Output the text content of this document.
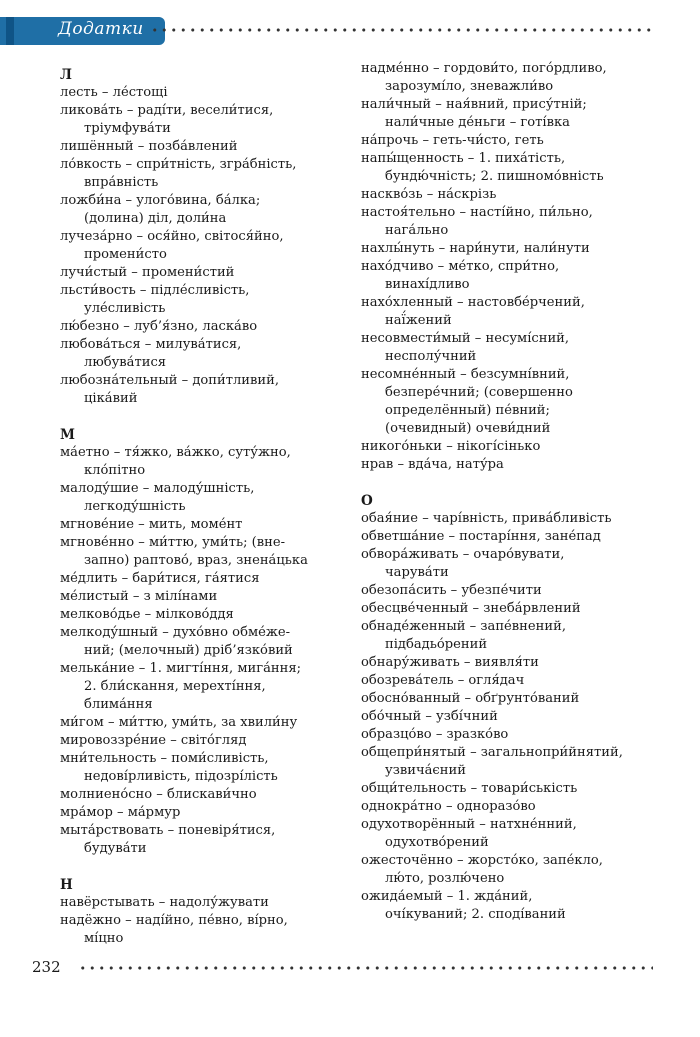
Додатки
Л
лесть – ле́стощі
ликова́ть – раді́ти, весели́тися,
тріумфува́ти
лишённый – позба́влений
ло́вкость – спри́тність, згра́бність,
впра́вність
ложби́на – улого́вина, ба́лка;
(долина) діл, доли́на
лучеза́рно – ося́йно, світося́йно,
промени́сто
лучи́стый – промени́стий
льсти́вость – підле́сливість,
уле́сливість
лю́безно – луб’я́зно, ласка́во
любова́ться – милува́тися,
любува́тися
любозна́тельный – допи́тливий,
ціка́вий
М
ма́етно – тя́жко, ва́жко, суту́жно,
кло́пітно
малоду́шие – малоду́шність,
легкоду́шність
мгнове́ние – мить, моме́нт
мгнове́нно – ми́ттю, уми́ть; (вне-
запно) раптово́, враз, знена́цька
ме́длить – бари́тися, га́ятися
ме́листый – з мілі́нами
мелково́дье – мілково́ддя
мелкоду́шный – духо́вно обме́же-
ний; (мелочный) дріб’язко́вий
мелька́ние – 1. мигті́ння, мига́ння;
2. бли́скання, мерехті́ння,
блима́ння
ми́гом – ми́ттю, уми́ть, за хвили́ну
мировоззре́ние – світо́гляд
мни́тельность – поми́сливість,
недові́рливість, підозрі́лість
молниено́сно – блискави́чно
мра́мор – ма́рмур
мыта́рствовать – поневіря́тися,
будува́ти
Н
навёрстывать – надолу́жувати
надёжно – наді́йно, пе́вно, ві́рно,
мі́цно
надме́нно – гордови́то, пого́рдливо,
зарозумі́ло, зневажли́во
нали́чный – ная́вний, прису́тній;
нали́чные де́ньги – готі́вка
на́прочь – геть-чи́сто, геть
напы́щенность – 1. пиха́тість,
бундю́чність; 2. пишномо́вність
насквóзь – на́скрізь
настоя́тельно – насті́йно, пи́льно,
нага́льно
нахлы́нуть – нари́нути, нали́нути
нахо́дчиво – ме́тко, спри́тно,
винахі́дливо
нахо́хленный – настовбе́рчений,
наї́жений
несовмести́мый – несумі́сний,
несполу́чний
несомне́нный – безсумні́вний,
безпере́чний; (совершенно
определённый) пе́вний;
(очевидный) очеви́дний
никого́ньки – нікогі́сінько
нрав – вда́ча, нату́ра
О
обая́ние – чарі́вність, прива́бливість
обветша́ние – постарі́ння, зане́пад
обвора́живать – очаро́вувати,
чарува́ти
обезопа́сить – убезпе́чити
обесцве́ченный – знеба́рвлений
обнаде́женный – запе́внений,
підбадьо́рений
обнару́живать – виявля́ти
обозрева́тель – огля́дач
обосно́ванный – обґрунто́ваний
обо́чный – узбі́чний
образцо́во – зразко́во
общепри́нятый – загальнопри́йнятий,
узвича́єний
общи́тельность – товари́ськість
однокра́тно – одноразо́во
одухотворённый – натхне́нний,
одухотво́рений
ожесточённо – жорсто́ко, запе́кло,
лю́то, розлю́чено
ожида́емый – 1. жда́ний,
очі́куваний; 2. сподíваний
232
